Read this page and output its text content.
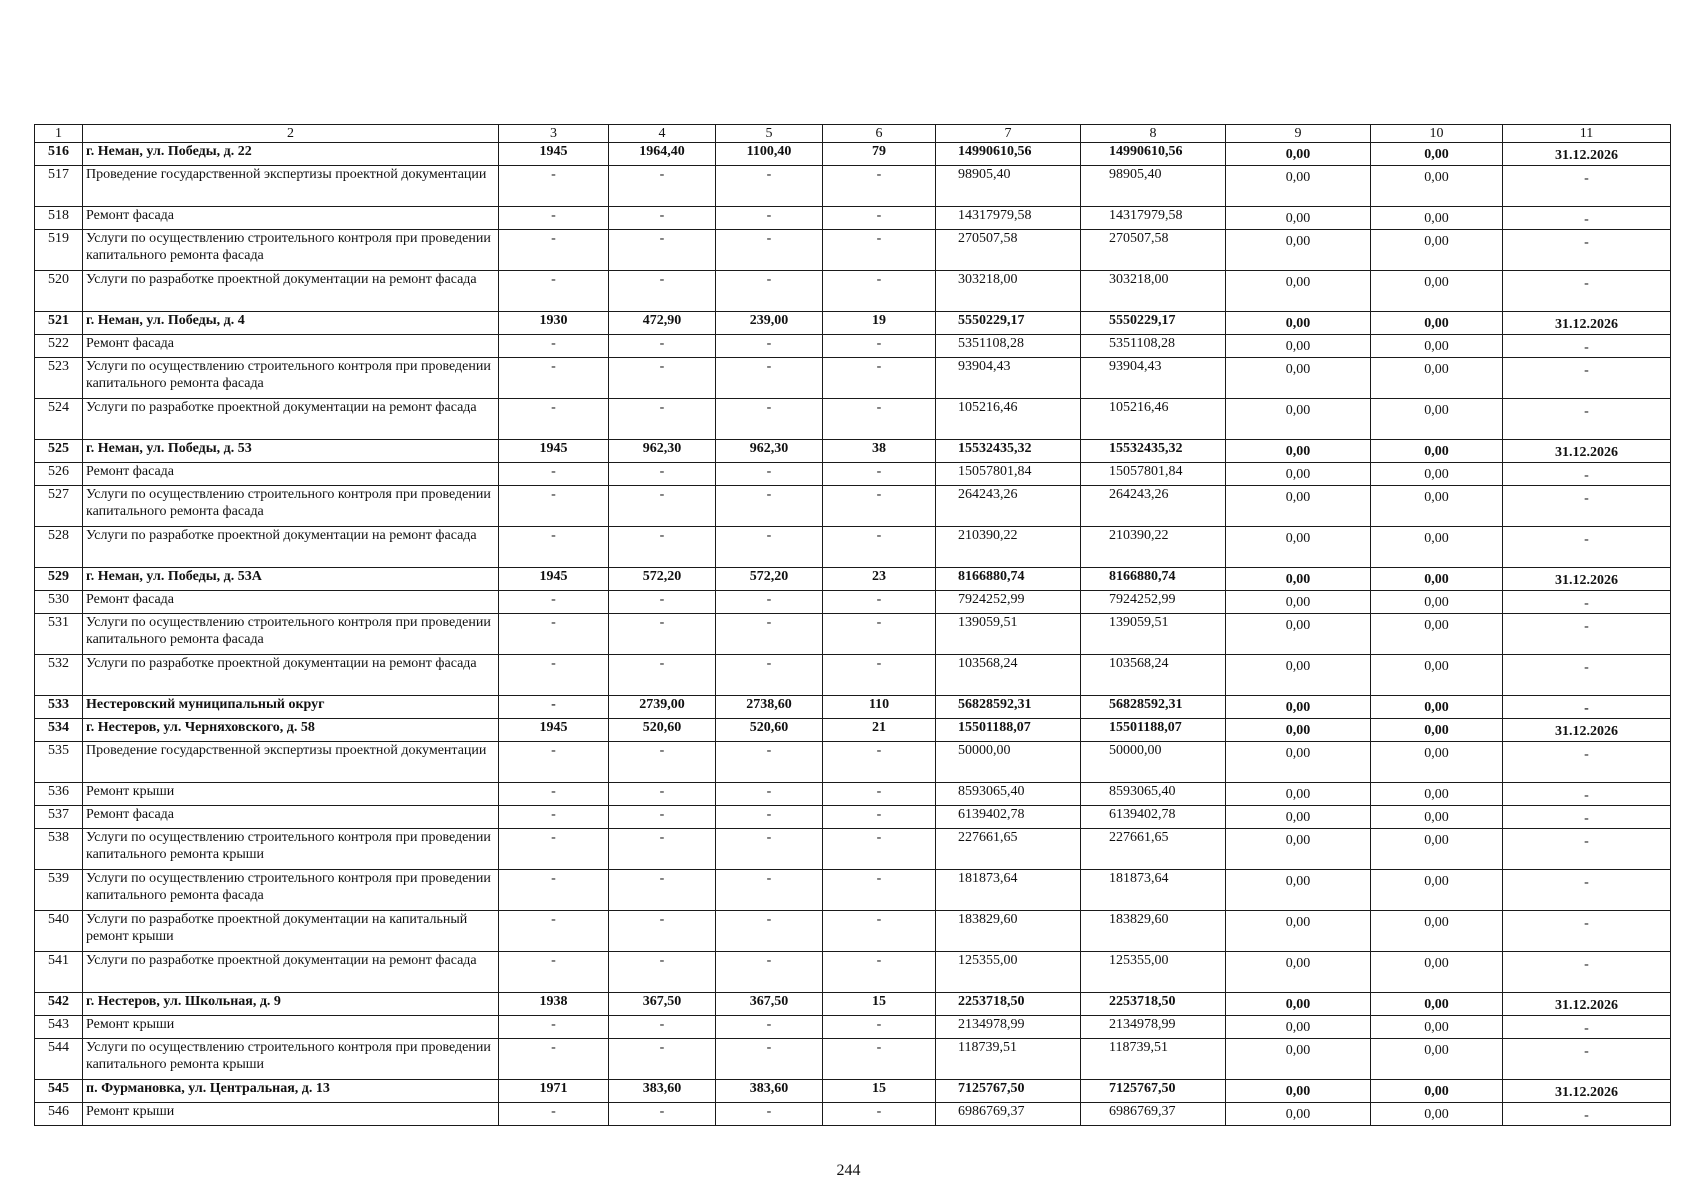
1	2	3	4	5	6	7	8	9	10	11
516	г. Неман, ул. Победы, д. 22	1945	1964,40	1100,40	79	14990610,56	14990610,56	0,00	0,00	31.12.2026
517	Проведение государственной экспертизы проектной документации	-	-	-	-	98905,40	98905,40	0,00	0,00	-
518	Ремонт фасада	-	-	-	-	14317979,58	14317979,58	0,00	0,00	-
519	Услуги по осуществлению строительного контроля при проведении капитального ремонта фасада	-	-	-	-	270507,58	270507,58	0,00	0,00	-
520	Услуги по разработке проектной документации на ремонт фасада	-	-	-	-	303218,00	303218,00	0,00	0,00	-
521	г. Неман, ул. Победы, д. 4	1930	472,90	239,00	19	5550229,17	5550229,17	0,00	0,00	31.12.2026
522	Ремонт фасада	-	-	-	-	5351108,28	5351108,28	0,00	0,00	-
523	Услуги по осуществлению строительного контроля при проведении капитального ремонта фасада	-	-	-	-	93904,43	93904,43	0,00	0,00	-
524	Услуги по разработке проектной документации на ремонт фасада	-	-	-	-	105216,46	105216,46	0,00	0,00	-
525	г. Неман, ул. Победы, д. 53	1945	962,30	962,30	38	15532435,32	15532435,32	0,00	0,00	31.12.2026
526	Ремонт фасада	-	-	-	-	15057801,84	15057801,84	0,00	0,00	-
527	Услуги по осуществлению строительного контроля при проведении капитального ремонта фасада	-	-	-	-	264243,26	264243,26	0,00	0,00	-
528	Услуги по разработке проектной документации на ремонт фасада	-	-	-	-	210390,22	210390,22	0,00	0,00	-
529	г. Неман, ул. Победы, д. 53А	1945	572,20	572,20	23	8166880,74	8166880,74	0,00	0,00	31.12.2026
530	Ремонт фасада	-	-	-	-	7924252,99	7924252,99	0,00	0,00	-
531	Услуги по осуществлению строительного контроля при проведении капитального ремонта фасада	-	-	-	-	139059,51	139059,51	0,00	0,00	-
532	Услуги по разработке проектной документации на ремонт фасада	-	-	-	-	103568,24	103568,24	0,00	0,00	-
533	Нестеровский муниципальный округ	-	2739,00	2738,60	110	56828592,31	56828592,31	0,00	0,00	-
534	г. Нестеров, ул. Черняховского, д. 58	1945	520,60	520,60	21	15501188,07	15501188,07	0,00	0,00	31.12.2026
535	Проведение государственной экспертизы проектной документации	-	-	-	-	50000,00	50000,00	0,00	0,00	-
536	Ремонт крыши	-	-	-	-	8593065,40	8593065,40	0,00	0,00	-
537	Ремонт фасада	-	-	-	-	6139402,78	6139402,78	0,00	0,00	-
538	Услуги по осуществлению строительного контроля при проведении капитального ремонта крыши	-	-	-	-	227661,65	227661,65	0,00	0,00	-
539	Услуги по осуществлению строительного контроля при проведении капитального ремонта фасада	-	-	-	-	181873,64	181873,64	0,00	0,00	-
540	Услуги по разработке проектной документации на капитальный ремонт крыши	-	-	-	-	183829,60	183829,60	0,00	0,00	-
541	Услуги по разработке проектной документации на ремонт фасада	-	-	-	-	125355,00	125355,00	0,00	0,00	-
542	г. Нестеров, ул. Школьная, д. 9	1938	367,50	367,50	15	2253718,50	2253718,50	0,00	0,00	31.12.2026
543	Ремонт крыши	-	-	-	-	2134978,99	2134978,99	0,00	0,00	-
544	Услуги по осуществлению строительного контроля при проведении капитального ремонта крыши	-	-	-	-	118739,51	118739,51	0,00	0,00	-
545	п. Фурмановка, ул. Центральная, д. 13	1971	383,60	383,60	15	7125767,50	7125767,50	0,00	0,00	31.12.2026
546	Ремонт крыши	-	-	-	-	6986769,37	6986769,37	0,00	0,00	-
244
